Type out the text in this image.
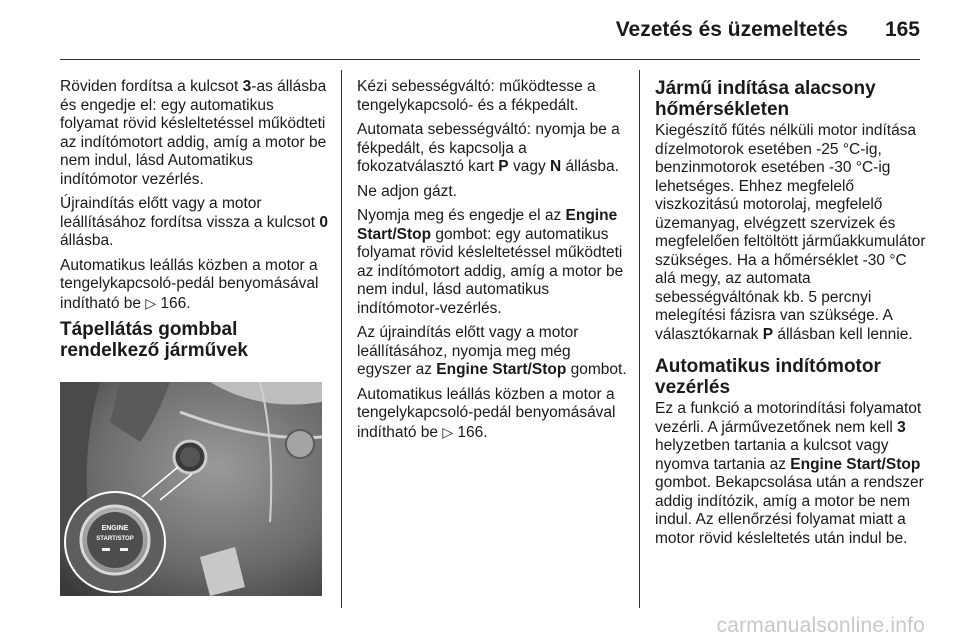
Vezetés és üzemeltetés 165

Röviden fordítsa a kulcsot 3-as állásba és engedje el: egy automatikus folyamat rövid késleltetéssel működteti az indítómotort addig, amíg a motor be nem indul, lásd Automatikus indítómotor vezérlés.

Újraindítás előtt vagy a motor leállításához fordítsa vissza a kulcsot 0 állásba.

Automatikus leállás közben a motor a tengelykapcsoló-pedál benyomásával indítható be ▷ 166.

Tápellátás gombbal rendelkező járművek
ENGINE
START/STOP

Kézi sebességváltó: működtesse a tengelykapcsoló- és a fékpedált.

Automata sebességváltó: nyomja be a fékpedált, és kapcsolja a fokozatválasztó kart P vagy N állásba.

Ne adjon gázt.

Nyomja meg és engedje el az Engine Start/Stop gombot: egy automatikus folyamat rövid késleltetéssel működteti az indítómotort addig, amíg a motor be nem indul, lásd automatikus indítómotor-vezérlés.

Az újraindítás előtt vagy a motor leállításához, nyomja meg még egyszer az Engine Start/Stop gombot.

Automatikus leállás közben a motor a tengelykapcsoló-pedál benyomásával indítható be ▷ 166.

Jármű indítása alacsony hőmérsékleten

Kiegészítő fűtés nélküli motor indítása dízelmotorok esetében -25 °C-ig, benzinmotorok esetében -30 °C-ig lehetséges. Ehhez megfelelő viszkozitású motorolaj, megfelelő üzemanyag, elvégzett szervizek és megfelelően feltöltött járműakkumulátor szükséges. Ha a hőmérséklet -30 °C alá megy, az automata sebességváltónak kb. 5 percnyi melegítési fázisra van szüksége. A választókarnak P állásban kell lennie.

Automatikus indítómotor vezérlés

Ez a funkció a motorindítási folyamatot vezérli. A járművezetőnek nem kell 3 helyzetben tartania a kulcsot vagy nyomva tartania az Engine Start/Stop gombot. Bekapcsolása után a rendszer addig indítózik, amíg a motor be nem indul. Az ellenőrzési folyamat miatt a motor rövid késleltetés után indul be.

carmanualsonline.info
